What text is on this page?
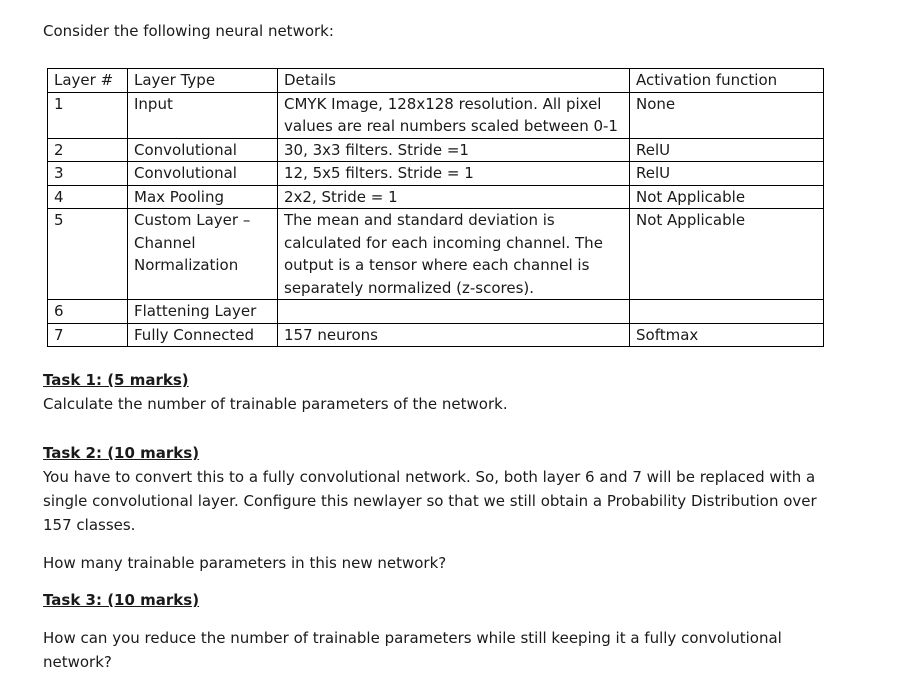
Consider the following neural network:

Layer #	Layer Type	Details	Activation function
1	Input	CMYK Image, 128x128 resolution. All pixel values are real numbers scaled between 0-1	None
2	Convolutional	30, 3x3 filters. Stride =1	RelU
3	Convolutional	12, 5x5 filters. Stride = 1	RelU
4	Max Pooling	2x2, Stride = 1	Not Applicable
5	Custom Layer – Channel Normalization	The mean and standard deviation is calculated for each incoming channel. The output is a tensor where each channel is separately normalized (z-scores).	Not Applicable
6	Flattening Layer		
7	Fully Connected	157 neurons	Softmax
Task 1: (5 marks)
Calculate the number of trainable parameters of the network.
Task 2: (10 marks)
You have to convert this to a fully convolutional network. So, both layer 6 and 7 will be replaced with a single convolutional layer. Configure this newlayer so that we still obtain a Probability Distribution over 157 classes.

How many trainable parameters in this new network?

Task 3: (10 marks)

How can you reduce the number of trainable parameters while still keeping it a fully convolutional network?
